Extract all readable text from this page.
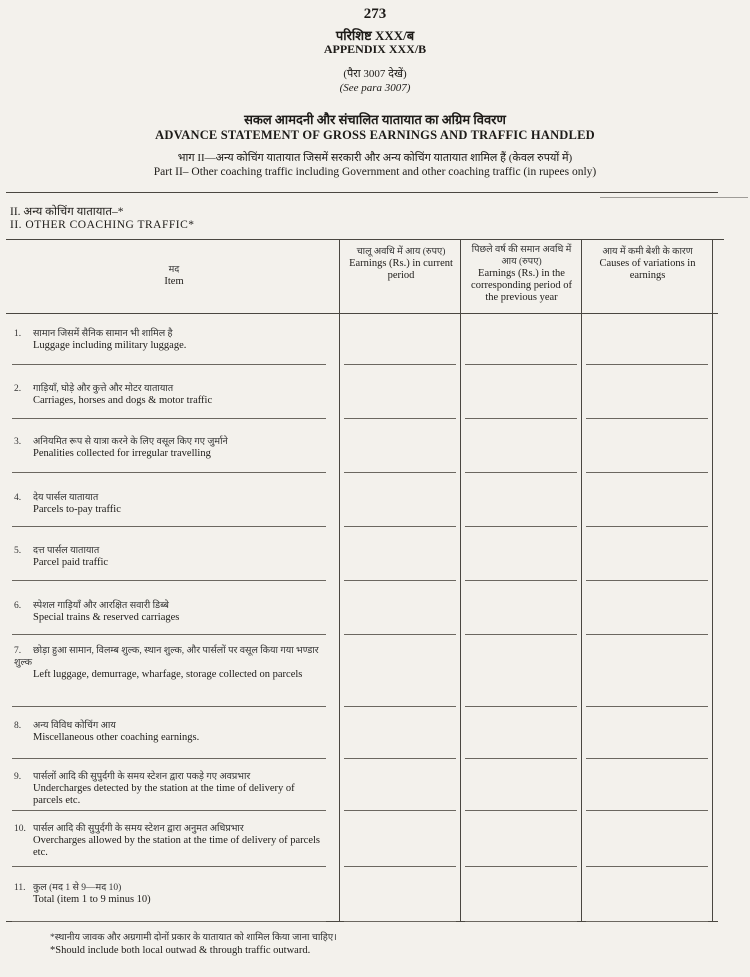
273
परिशिष्ट XXX/ब
APPENDIX XXX/B
(पैरा 3007 देखें)
(See para 3007)
सकल आमदनी और संचालित यातायात का अग्रिम विवरण
ADVANCE STATEMENT OF GROSS EARNINGS AND TRAFFIC HANDLED
भाग II—अन्य कोचिंग यातायात जिसमें सरकारी और अन्य कोचिंग यातायात शामिल हैं (केवल रुपयों में)
Part II– Other coaching traffic including Government and other coaching traffic (in rupees only)
II. अन्य कोचिंग यातायात–*
II. OTHER COACHING TRAFFIC*
मद
Item
चालू अवधि में आय (रुपए)
Earnings (Rs.) in current period
पिछले वर्ष की समान अवधि में आय (रुपए)
Earnings (Rs.) in the corresponding period of the previous year
आय में कमी बेशी के कारण
Causes of variations in earnings
1. सामान जिसमें सैनिक सामान भी शामिल है
Luggage including military luggage.
2. गाड़ियाँ, घोड़े और कुत्ते और मोटर यातायात
Carriages, horses and dogs & motor traffic
3. अनियमित रूप से यात्रा करने के लिए वसूल किए गए जुर्माने
Penalities collected for irregular travelling
4. देय पार्सल यातायात
Parcels to-pay traffic
5. दत्त पार्सल यातायात
Parcel paid traffic
6. स्पेशल गाड़ियाँ और आरक्षित सवारी डिब्बे
Special trains & reserved carriages
7. छोड़ा हुआ सामान, विलम्ब शुल्क, स्थान शुल्क, और पार्सलों पर वसूल किया गया भण्डार शुल्क
Left luggage, demurrage, wharfage, storage collected on parcels
8. अन्य विविध कोचिंग आय
Miscellaneous other coaching earnings.
9. पार्सलों आदि की सुपुर्दगी के समय स्टेशन द्वारा पकड़े गए अवप्रभार
Undercharges detected by the station at the time of delivery of parcels etc.
10. पार्सल आदि की सुपुर्दगी के समय स्टेशन द्वारा अनुमत अधिप्रभार
Overcharges allowed by the station at the time of delivery of parcels etc.
11. कुल (मद 1 से 9—मद 10)
Total (item 1 to 9 minus 10)
*स्थानीय जावक और अग्रगामी दोनों प्रकार के यातायात को शामिल किया जाना चाहिए।
*Should include both local outwad & through traffic outward.
